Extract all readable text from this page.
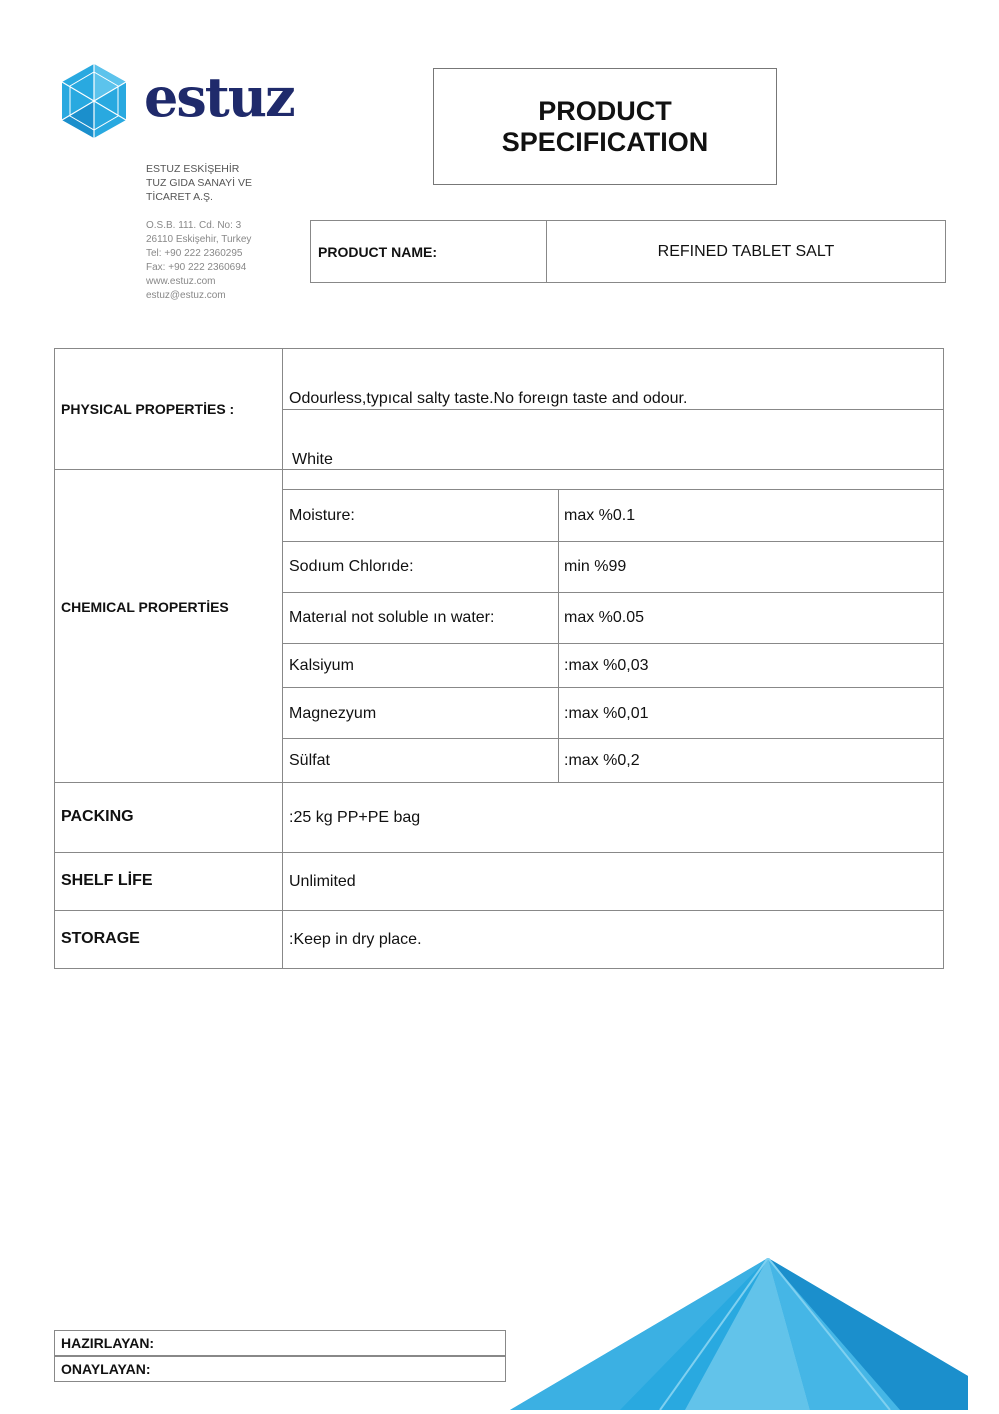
estuz
ESTUZ ESKİŞEHİR
TUZ GIDA SANAYİ VE
TİCARET A.Ş.
O.S.B. 111. Cd. No: 3
26110 Eskişehir, Turkey
Tel: +90 222 2360295
Fax: +90 222 2360694
www.estuz.com
estuz@estuz.com
PRODUCT
SPECIFICATION
PRODUCT NAME:	REFINED TABLET SALT
PHYSICAL PROPERTİES :
Odourless,typıcal salty taste.No foreıgn taste and odour.
White
CHEMICAL PROPERTİES
Moisture:	max %0.1
Sodıum Chlorıde:	min %99
Materıal not soluble ın water:	max %0.05
Kalsiyum	:max %0,03
Magnezyum	:max %0,01
Sülfat	:max %0,2
PACKING	:25 kg PP+PE bag
SHELF LİFE	Unlimited
STORAGE	:Keep in dry place.
HAZIRLAYAN:
ONAYLAYAN:
